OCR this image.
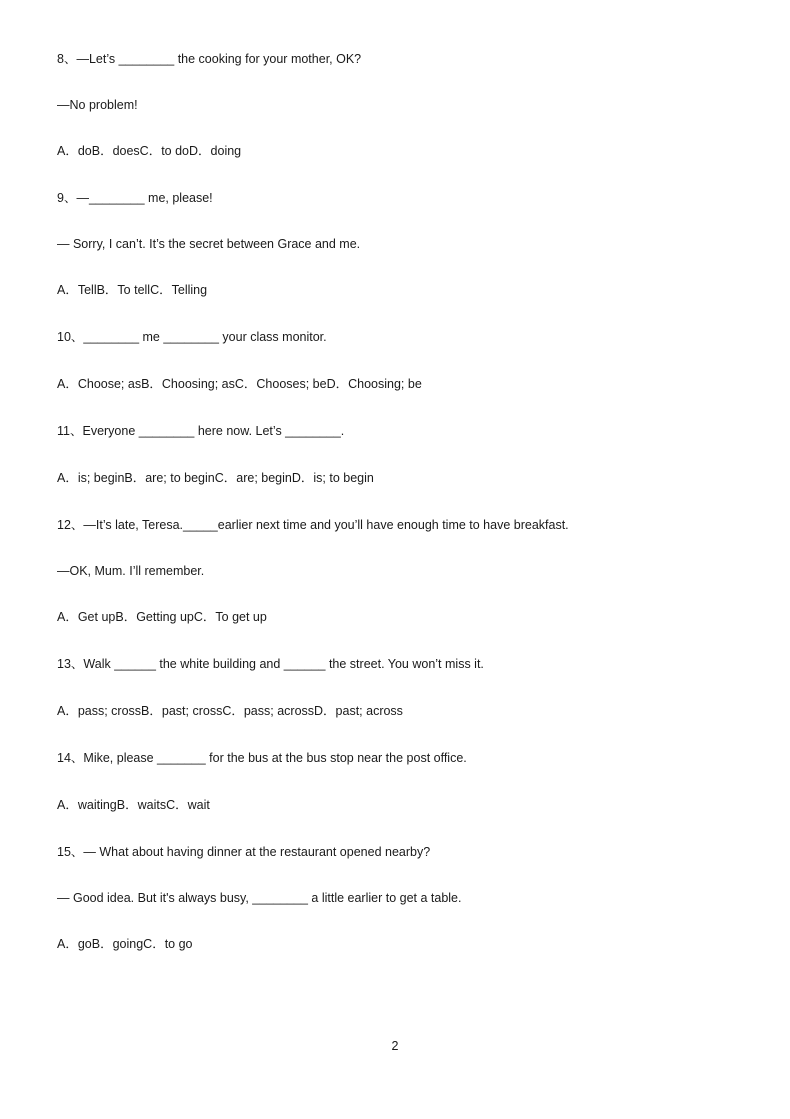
8、—Let’s ________ the cooking for your mother, OK?
—No problem!
A．doB．doesC．to doD．doing
9、—________ me, please!
— Sorry, I can’t. It’s the secret between Grace and me.
A．TellB．To tellC．Telling
10、________ me ________ your class monitor.
A．Choose; asB．Choosing; asC．Chooses; beD．Choosing; be
11、Everyone ________ here now. Let’s ________.
A．is; beginB．are; to beginC．are; beginD．is; to begin
12、—It’s late, Teresa._____earlier next time and you’ll have enough time to have breakfast.
—OK, Mum. I’ll remember.
A．Get upB．Getting upC．To get up
13、Walk ______ the white building and ______ the street. You won’t miss it.
A．pass; crossB．past; crossC．pass; acrossD．past; across
14、Mike, please _______ for the bus at the bus stop near the post office.
A．waitingB．waitsC．wait
15、— What about having dinner at the restaurant opened nearby?
— Good idea. But it's always busy, ________ a little earlier to get a table.
A．goB．goingC．to go
2
